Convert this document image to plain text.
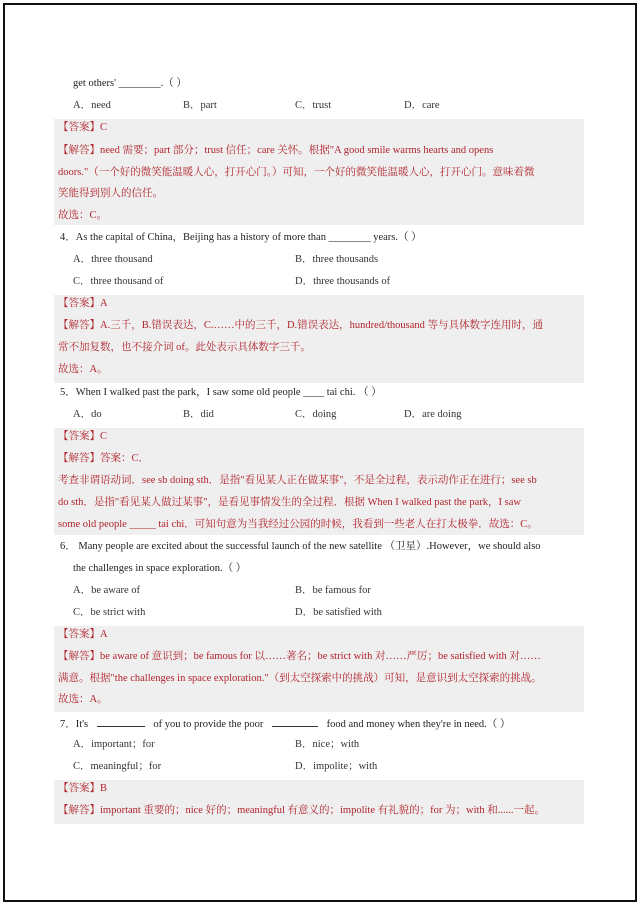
get others' ________.（ ）
A．need	B．part	C．trust	D．care
【答案】C
【解答】need 需要；part 部分；trust 信任；care 关怀。根据"A good smile warms hearts and opens
doors."（一个好的微笑能温暖人心，打开心门。）可知，一个好的微笑能温暖人心，打开心门。意味着微
笑能得到别人的信任。
故选：C。
4．As the capital of China，Beijing has a history of more than ________ years.（ ）
A．three thousand	B．three thousands
C．three thousand of	D．three thousands of
【答案】A
【解答】A.三千，B.错误表达，C.……中的三千，D.错误表达，hundred/thousand 等与具体数字连用时，通
常不加复数，也不接介词 of。此处表示具体数字三千。
故选：A。
5．When I walked past the park，I saw some old people ____ tai chi. （ ）
A．do	B．did	C．doing	D．are doing
【答案】C
【解答】答案：C．
考查非谓语动词．see sb doing sth．是指"看见某人正在做某事"，不是全过程，表示动作正在进行；see sb
do sth．是指"看见某人做过某事"，是看见事情发生的全过程．根据 When I walked past the park，I saw
some old people _____ tai chi．可知句意为当我经过公园的时候，我看到一些老人在打太极拳．故选：C。
6． Many people are excited about the successful launch of the new satellite （卫星）.However，we should also
the challenges in space exploration.（ ）
A．be aware of	B．be famous for
C．be strict with	D．be satisfied with
【答案】A
【解答】be aware of 意识到；be famous for 以……著名；be strict with 对……严厉；be satisfied with 对……
满意。根据"the challenges in space exploration."（到太空探索中的挑战）可知，是意识到太空探索的挑战。
故选：A。
7．It's	of you to provide the poor	food and money when they're in need.（ ）
A．important；for	B．nice；with
C．meaningful；for	D．impolite；with
【答案】B
【解答】important 重要的；nice 好的；meaningful 有意义的；impolite 有礼貌的；for 为；with 和......一起。
